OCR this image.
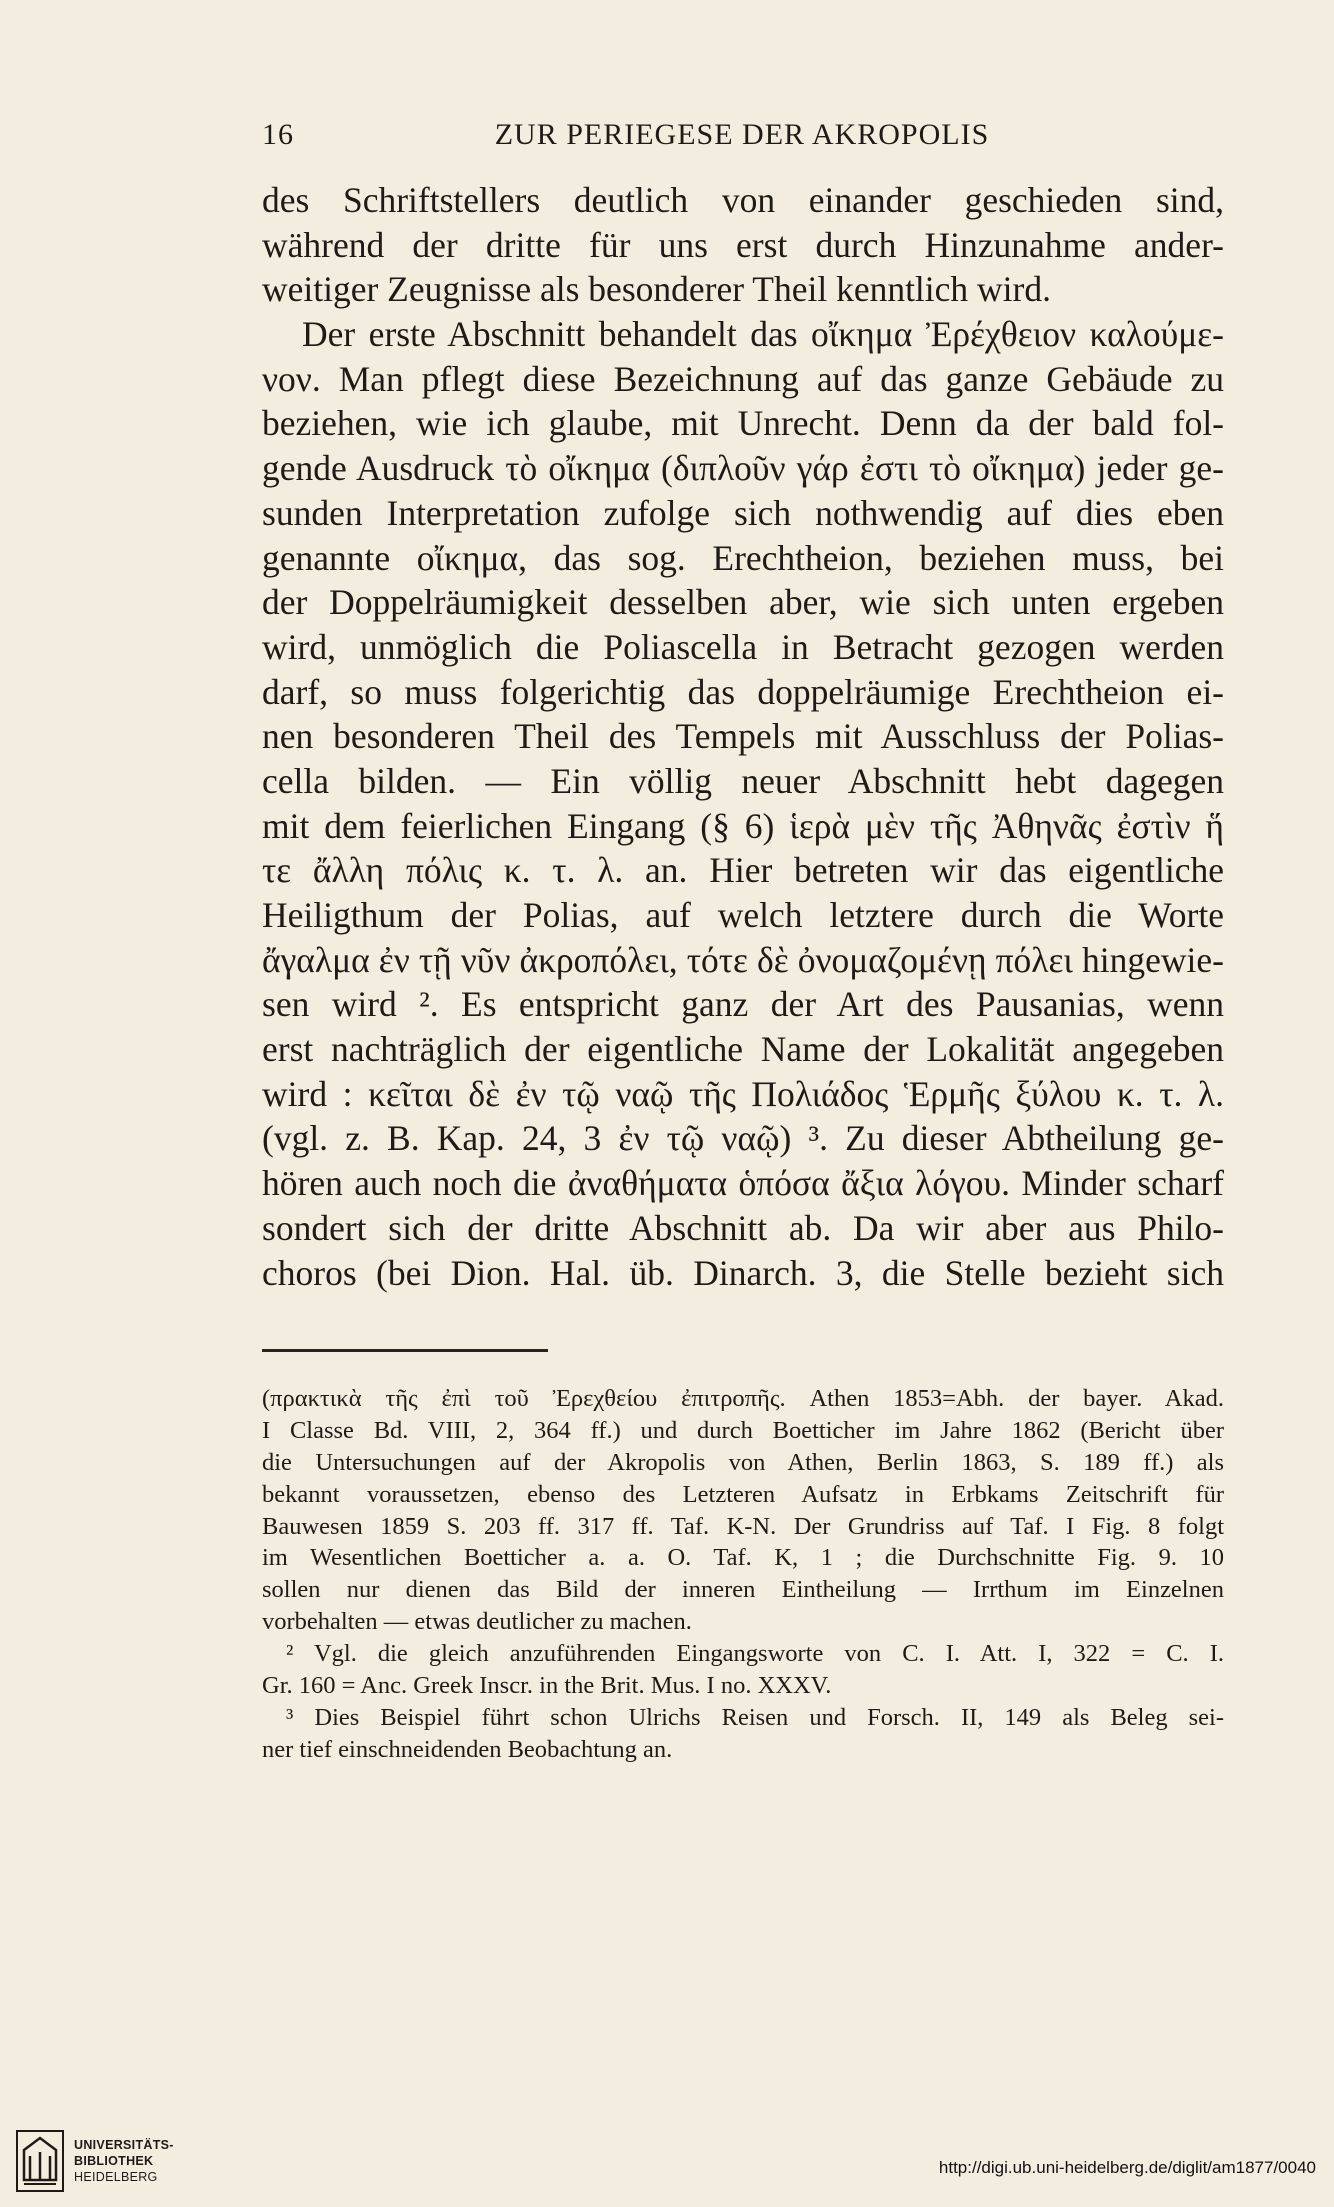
16	ZUR PERIEGESE DER AKROPOLIS
des Schriftstellers deutlich von einander geschieden sind,
während der dritte für uns erst durch Hinzunahme ander-
weitiger Zeugnisse als besonderer Theil kenntlich wird.
Der erste Abschnitt behandelt das οἴκημα Ἐρέχθειον καλούμε-
νον. Man pflegt diese Bezeichnung auf das ganze Gebäude zu
beziehen, wie ich glaube, mit Unrecht. Denn da der bald fol-
gende Ausdruck τὸ οἴκημα (διπλοῦν γάρ ἐστι τὸ οἴκημα) jeder ge-
sunden Interpretation zufolge sich nothwendig auf dies eben
genannte οἴκημα, das sog. Erechtheion, beziehen muss, bei
der Doppelräumigkeit desselben aber, wie sich unten ergeben
wird, unmöglich die Poliascella in Betracht gezogen werden
darf, so muss folgerichtig das doppelräumige Erechtheion ei-
nen besonderen Theil des Tempels mit Ausschluss der Polias-
cella bilden. — Ein völlig neuer Abschnitt hebt dagegen
mit dem feierlichen Eingang (§ 6) ἱερὰ μὲν τῆς Ἀθηνᾶς ἐστὶν ἥ
τε ἄλλη πόλις κ. τ. λ. an. Hier betreten wir das eigentliche
Heiligthum der Polias, auf welch letztere durch die Worte
ἄγαλμα ἐν τῇ νῦν ἀκροπόλει, τότε δὲ ὀνομαζομένῃ πόλει hingewie-
sen wird ². Es entspricht ganz der Art des Pausanias, wenn
erst nachträglich der eigentliche Name der Lokalität angegeben
wird : κεῖται δὲ ἐν τῷ ναῷ τῆς Πολιάδος Ἑρμῆς ξύλου κ. τ. λ.
(vgl. z. B. Kap. 24, 3 ἐν τῷ ναῷ) ³. Zu dieser Abtheilung ge-
hören auch noch die ἀναθήματα ὁπόσα ἄξια λόγου. Minder scharf
sondert sich der dritte Abschnitt ab. Da wir aber aus Philo-
choros (bei Dion. Hal. üb. Dinarch. 3, die Stelle bezieht sich
(πρακτικὰ τῆς ἐπὶ τοῦ Ἐρεχθείου ἐπιτροπῆς. Athen 1853=Abh. der bayer. Akad.
I Classe Bd. VIII, 2, 364 ff.) und durch Boetticher im Jahre 1862 (Bericht über
die Untersuchungen auf der Akropolis von Athen, Berlin 1863, S. 189 ff.) als
bekannt voraussetzen, ebenso des Letzteren Aufsatz in Erbkams Zeitschrift für
Bauwesen 1859 S. 203 ff. 317 ff. Taf. K-N. Der Grundriss auf Taf. I Fig. 8 folgt
im Wesentlichen Boetticher a. a. O. Taf. K, 1 ; die Durchschnitte Fig. 9. 10
sollen nur dienen das Bild der inneren Eintheilung — Irrthum im Einzelnen
vorbehalten — etwas deutlicher zu machen.
² Vgl. die gleich anzuführenden Eingangsworte von C. I. Att. I, 322 = C. I.
Gr. 160 = Anc. Greek Inscr. in the Brit. Mus. I no. XXXV.
³ Dies Beispiel führt schon Ulrichs Reisen und Forsch. II, 149 als Beleg sei-
ner tief einschneidenden Beobachtung an.
UNIVERSITÄTS-
BIBLIOTHEK
HEIDELBERG	http://digi.ub.uni-heidelberg.de/diglit/am1877/0040
